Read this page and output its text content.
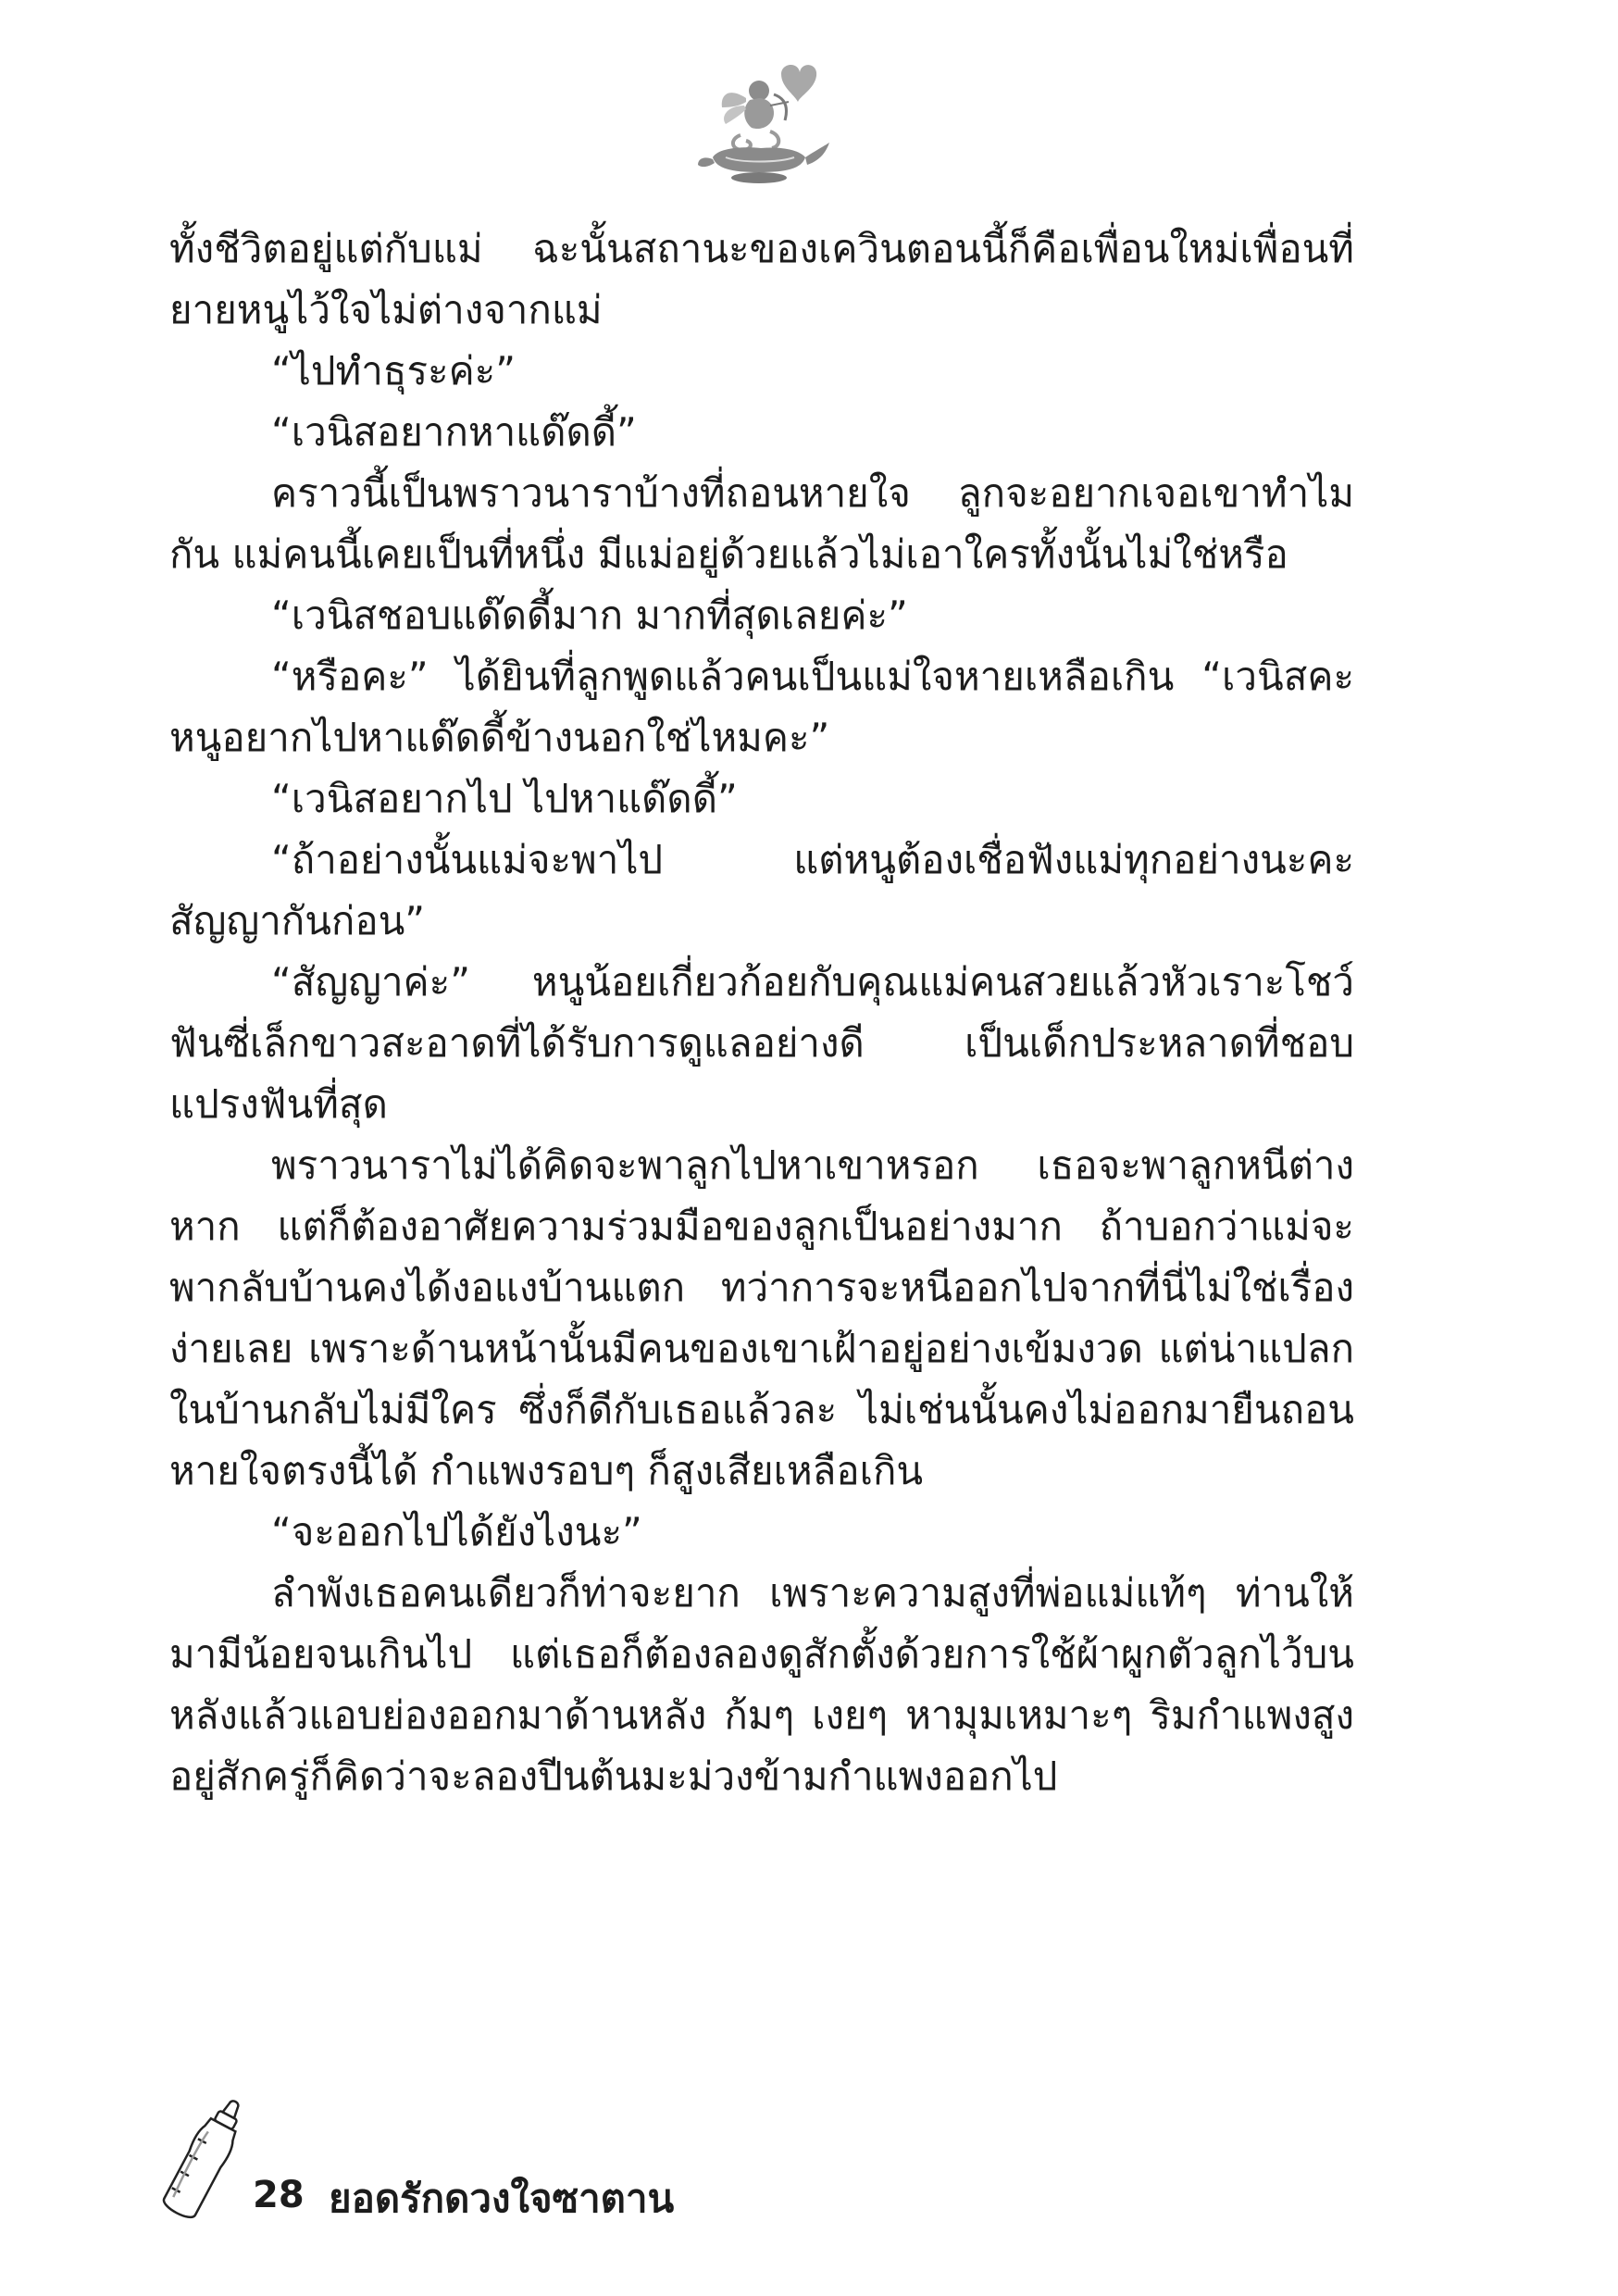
ทั้งชีวิตอยู่แต่กับแม่ ฉะนั้นสถานะของเควินตอนนี้ก็คือเพื่อนใหม่เพื่อนที่ยายหนูไว้ใจไม่ต่างจากแม่

“ไปทำธุระค่ะ”

“เวนิสอยากหาแด๊ดดี้”

คราวนี้เป็นพราวนาราบ้างที่ถอนหายใจ ลูกจะอยากเจอเขาทำไมกัน แม่คนนี้เคยเป็นที่หนึ่ง มีแม่อยู่ด้วยแล้วไม่เอาใครทั้งนั้นไม่ใช่หรือ

“เวนิสชอบแด๊ดดี้มาก มากที่สุดเลยค่ะ”

“หรือคะ” ได้ยินที่ลูกพูดแล้วคนเป็นแม่ใจหายเหลือเกิน “เวนิสคะ หนูอยากไปหาแด๊ดดี้ข้างนอกใช่ไหมคะ”

“เวนิสอยากไป ไปหาแด๊ดดี้”

“ถ้าอย่างนั้นแม่จะพาไป แต่หนูต้องเชื่อฟังแม่ทุกอย่างนะคะ สัญญากันก่อน”

“สัญญาค่ะ” หนูน้อยเกี่ยวก้อยกับคุณแม่คนสวยแล้วหัวเราะโชว์ฟันซี่เล็กขาวสะอาดที่ได้รับการดูแลอย่างดี เป็นเด็กประหลาดที่ชอบแปรงฟันที่สุด

พราวนาราไม่ได้คิดจะพาลูกไปหาเขาหรอก เธอจะพาลูกหนีต่างหาก แต่ก็ต้องอาศัยความร่วมมือของลูกเป็นอย่างมาก ถ้าบอกว่าแม่จะพากลับบ้านคงได้งอแงบ้านแตก ทว่าการจะหนีออกไปจากที่นี่ไม่ใช่เรื่องง่ายเลย เพราะด้านหน้านั้นมีคนของเขาเฝ้าอยู่อย่างเข้มงวด แต่น่าแปลกในบ้านกลับไม่มีใคร ซึ่งก็ดีกับเธอแล้วละ ไม่เช่นนั้นคงไม่ออกมายืนถอนหายใจตรงนี้ได้ กำแพงรอบๆ ก็สูงเสียเหลือเกิน

“จะออกไปได้ยังไงนะ”

ลำพังเธอคนเดียวก็ท่าจะยาก เพราะความสูงที่พ่อแม่แท้ๆ ท่านให้มามีน้อยจนเกินไป แต่เธอก็ต้องลองดูสักตั้งด้วยการใช้ผ้าผูกตัวลูกไว้บนหลังแล้วแอบย่องออกมาด้านหลัง ก้มๆ เงยๆ หามุมเหมาะๆ ริมกำแพงสูงอยู่สักครู่ก็คิดว่าจะลองปีนต้นมะม่วงข้ามกำแพงออกไป

28 ยอดรักดวงใจซาตาน
